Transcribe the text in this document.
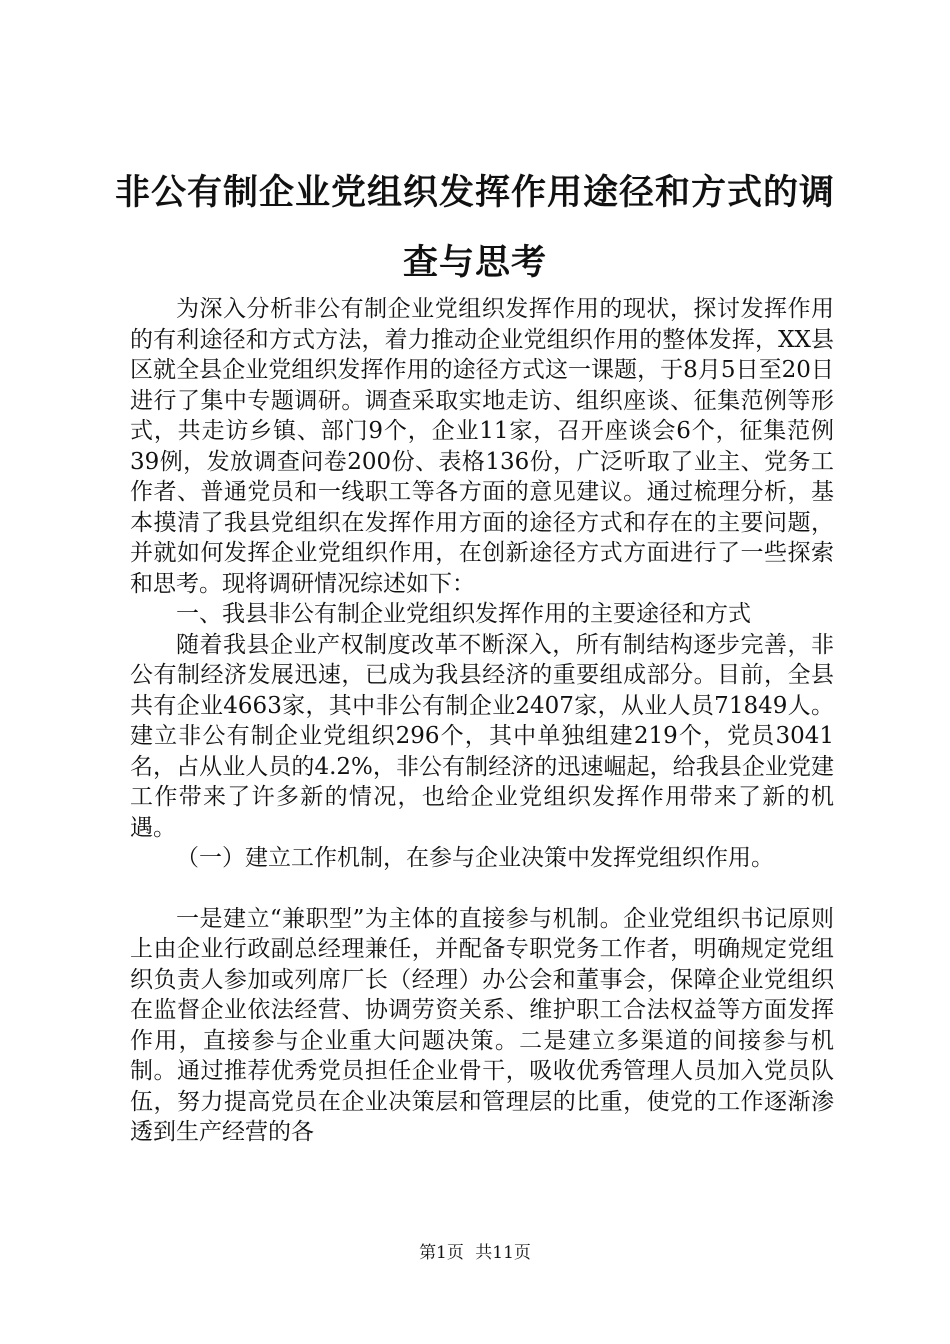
非公有制企业党组织发挥作用途径和方式的调
查与思考

为深入分析非公有制企业党组织发挥作用的现状，探讨发挥作用的有利途径和方式方法，着力推动企业党组织作用的整体发挥，XX县区就全县企业党组织发挥作用的途径方式这一课题，于8月5日至20日进行了集中专题调研。调查采取实地走访、组织座谈、征集范例等形式，共走访乡镇、部门9个，企业11家，召开座谈会6个，征集范例39例，发放调查问卷200份、表格136份，广泛听取了业主、党务工作者、普通党员和一线职工等各方面的意见建议。通过梳理分析，基本摸清了我县党组织在发挥作用方面的途径方式和存在的主要问题，并就如何发挥企业党组织作用，在创新途径方式方面进行了一些探索和思考。现将调研情况综述如下：

一、我县非公有制企业党组织发挥作用的主要途径和方式

随着我县企业产权制度改革不断深入，所有制结构逐步完善，非公有制经济发展迅速，已成为我县经济的重要组成部分。目前，全县共有企业4663家，其中非公有制企业2407家，从业人员71849人。建立非公有制企业党组织296个，其中单独组建219个，党员3041名，占从业人员的4.2%，非公有制经济的迅速崛起，给我县企业党建工作带来了许多新的情况，也给企业党组织发挥作用带来了新的机遇。

（一）建立工作机制，在参与企业决策中发挥党组织作用。

一是建立“兼职型”为主体的直接参与机制。企业党组织书记原则上由企业行政副总经理兼任，并配备专职党务工作者，明确规定党组织负责人参加或列席厂长（经理）办公会和董事会，保障企业党组织在监督企业依法经营、协调劳资关系、维护职工合法权益等方面发挥作用，直接参与企业重大问题决策。二是建立多渠道的间接参与机制。通过推荐优秀党员担任企业骨干，吸收优秀管理人员加入党员队伍，努力提高党员在企业决策层和管理层的比重，使党的工作逐渐渗透到生产经营的各

第1页 共11页
